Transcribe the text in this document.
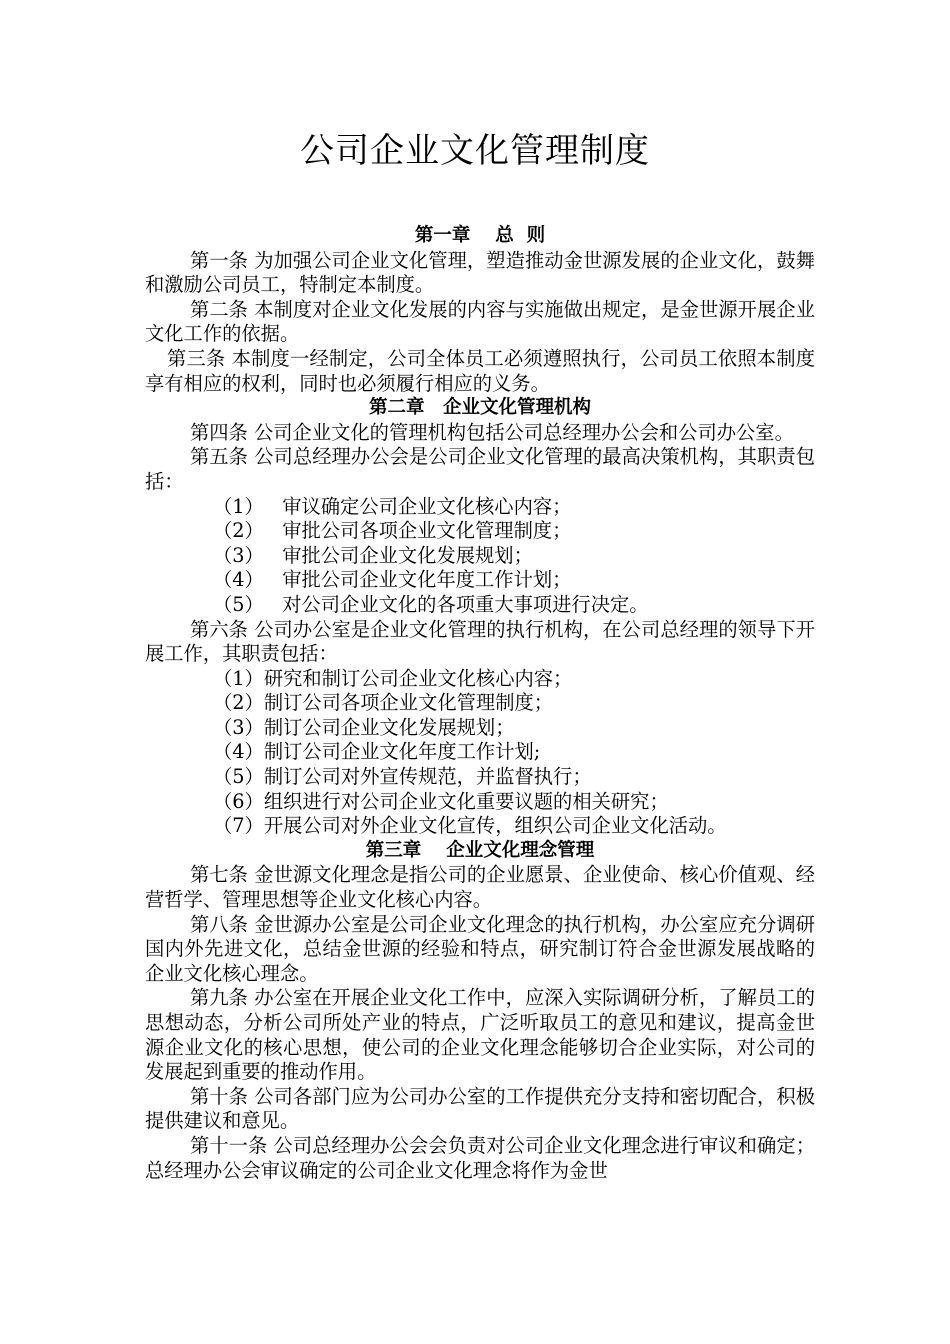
公司企业文化管理制度
第一章　 总  则

第一条 为加强公司企业文化管理，塑造推动金世源发展的企业文化，鼓舞和激励公司员工，特制定本制度。

第二条 本制度对企业文化发展的内容与实施做出规定，是金世源开展企业文化工作的依据。

第三条 本制度一经制定，公司全体员工必须遵照执行，公司员工依照本制度享有相应的权利，同时也必须履行相应的义务。

第二章　企业文化管理机构

第四条 公司企业文化的管理机构包括公司总经理办公会和公司办公室。

第五条 公司总经理办公会是公司企业文化管理的最高决策机构，其职责包括：

（1）   审议确定公司企业文化核心内容；

（2）   审批公司各项企业文化管理制度；

（3）   审批公司企业文化发展规划；

（4）   审批公司企业文化年度工作计划；

（5）   对公司企业文化的各项重大事项进行决定。

第六条 公司办公室是企业文化管理的执行机构，在公司总经理的领导下开展工作，其职责包括：

（1）研究和制订公司企业文化核心内容；

（2）制订公司各项企业文化管理制度；

（3）制订公司企业文化发展规划；

（4）制订公司企业文化年度工作计划;

（5）制订公司对外宣传规范，并监督执行；

（6）组织进行对公司企业文化重要议题的相关研究；

（7）开展公司对外企业文化宣传，组织公司企业文化活动。

第三章　 企业文化理念管理

第七条 金世源文化理念是指公司的企业愿景、企业使命、核心价值观、经营哲学、管理思想等企业文化核心内容。

第八条 金世源办公室是公司企业文化理念的执行机构，办公室应充分调研国内外先进文化，总结金世源的经验和特点，研究制订符合金世源发展战略的企业文化核心理念。

第九条 办公室在开展企业文化工作中，应深入实际调研分析，了解员工的思想动态，分析公司所处产业的特点，广泛听取员工的意见和建议，提高金世源企业文化的核心思想，使公司的企业文化理念能够切合企业实际，对公司的发展起到重要的推动作用。

第十条 公司各部门应为公司办公室的工作提供充分支持和密切配合，积极提供建议和意见。

第十一条 公司总经理办公会会负责对公司企业文化理念进行审议和确定；总经理办公会审议确定的公司企业文化理念将作为金世
